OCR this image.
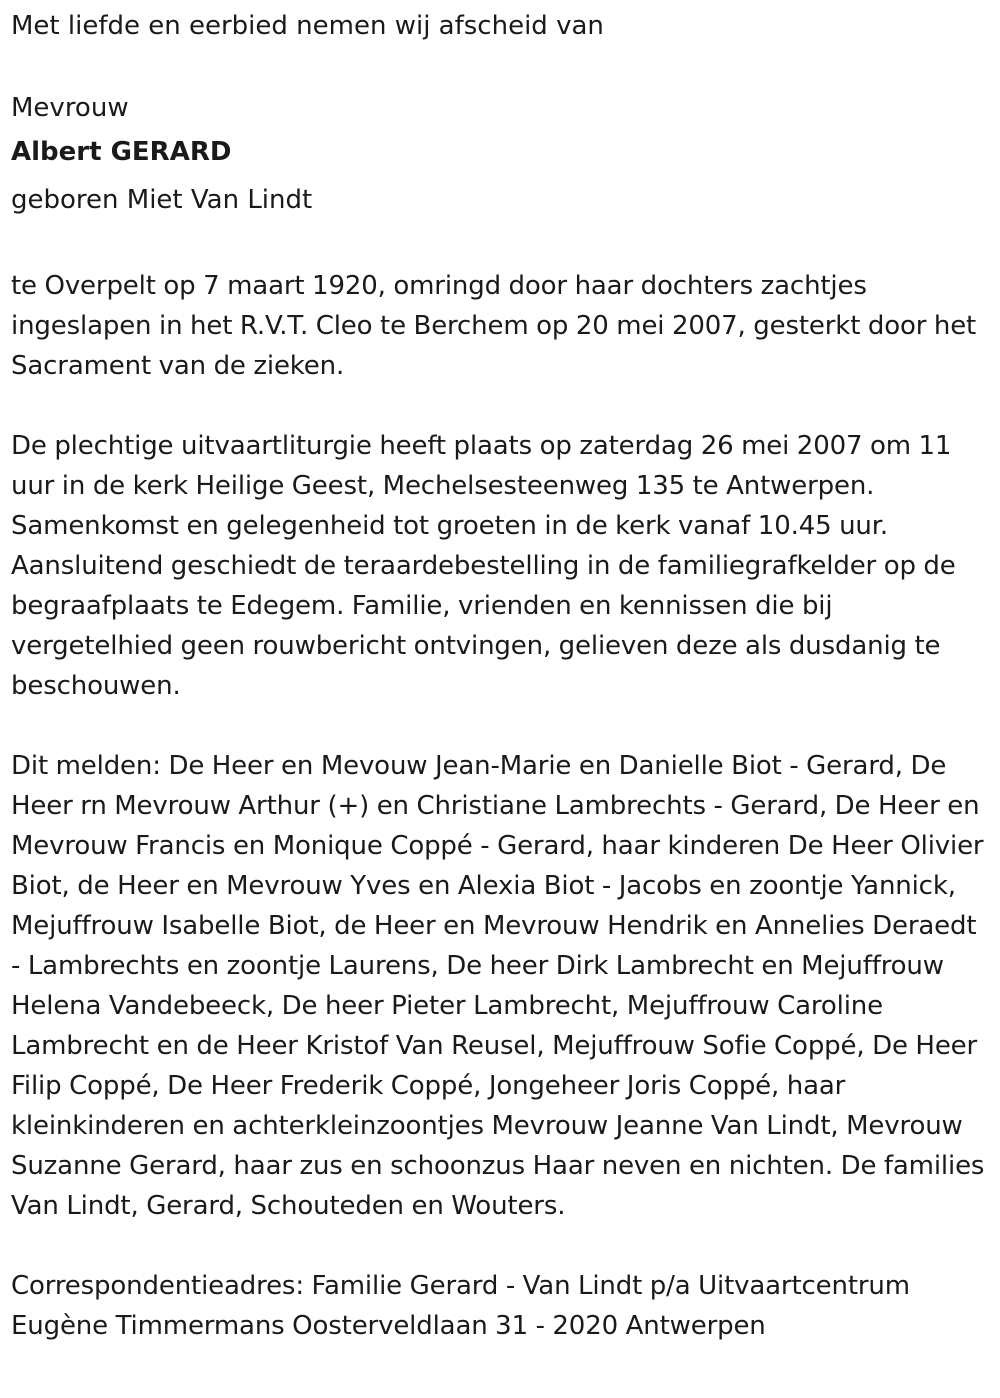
Met liefde en eerbied nemen wij afscheid van

Mevrouw

Albert GERARD

geboren Miet Van Lindt

te Overpelt op 7 maart 1920, omringd door haar dochters zachtjes ingeslapen in het R.V.T. Cleo te Berchem op 20 mei 2007, gesterkt door het Sacrament van de zieken.

De plechtige uitvaartliturgie heeft plaats op zaterdag 26 mei 2007 om 11 uur in de kerk Heilige Geest, Mechelsesteenweg 135 te Antwerpen. Samenkomst en gelegenheid tot groeten in de kerk vanaf 10.45 uur. Aansluitend geschiedt de teraardebestelling in de familiegrafkelder op de begraafplaats te Edegem. Familie, vrienden en kennissen die bij vergetelhied geen rouwbericht ontvingen, gelieven deze als dusdanig te beschouwen.

Dit melden: De Heer en Mevouw Jean-Marie en Danielle Biot - Gerard, De Heer rn Mevrouw Arthur (+) en Christiane Lambrechts - Gerard, De Heer en Mevrouw Francis en Monique Coppé - Gerard, haar kinderen De Heer Olivier Biot, de Heer en Mevrouw Yves en Alexia Biot - Jacobs en zoontje Yannick, Mejuffrouw Isabelle Biot, de Heer en Mevrouw Hendrik en Annelies Deraedt - Lambrechts en zoontje Laurens, De heer Dirk Lambrecht en Mejuffrouw Helena Vandebeeck, De heer Pieter Lambrecht, Mejuffrouw Caroline Lambrecht en de Heer Kristof Van Reusel, Mejuffrouw Sofie Coppé, De Heer Filip Coppé, De Heer Frederik Coppé, Jongeheer Joris Coppé, haar kleinkinderen en achterkleinzoontjes Mevrouw Jeanne Van Lindt, Mevrouw Suzanne Gerard, haar zus en schoonzus Haar neven en nichten. De families Van Lindt, Gerard, Schouteden en Wouters.

Correspondentieadres: Familie Gerard - Van Lindt p/a Uitvaartcentrum Eugène Timmermans Oosterveldlaan 31 - 2020 Antwerpen
